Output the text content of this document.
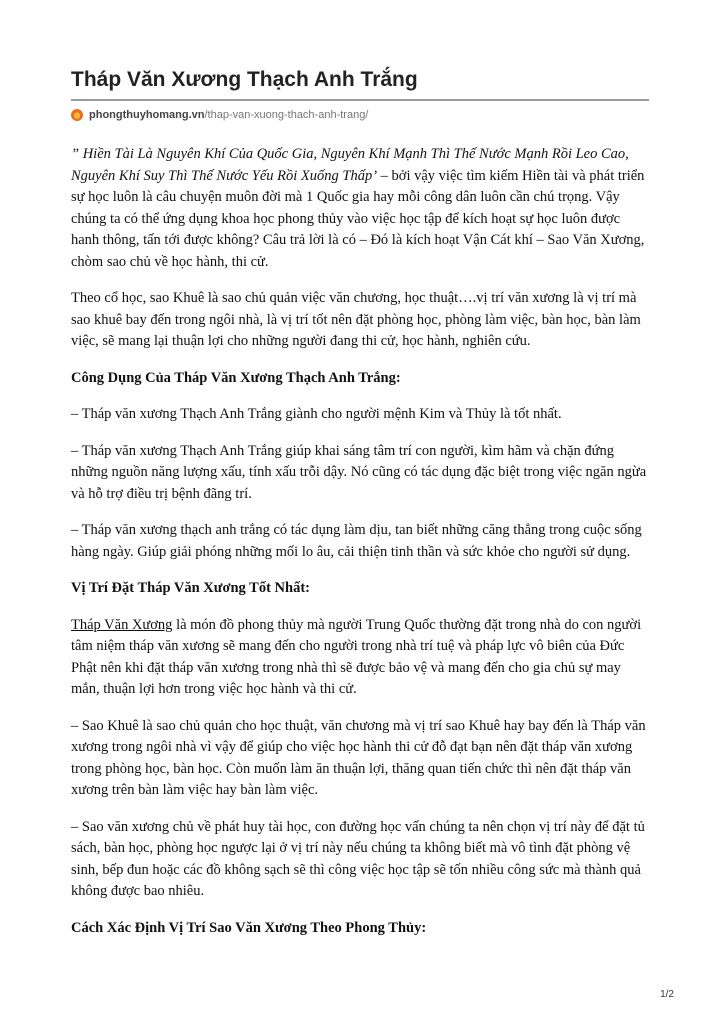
Tháp Văn Xương Thạch Anh Trắng
phongthuyhomang.vn /thap-van-xuong-thach-anh-trang/

” Hiền Tài Là Nguyên Khí Của Quốc Gia, Nguyên Khí Mạnh Thì Thế Nước Mạnh Rồi Leo Cao, Nguyên Khí Suy Thì Thế Nước Yếu Rồi Xuống Thấp’ – bởi vậy việc tìm kiếm Hiền tài và phát triển sự học luôn là câu chuyện muôn đời mà 1 Quốc gia hay mỗi công dân luôn cần chú trọng. Vậy chúng ta có thể ứng dụng khoa học phong thủy vào việc học tập để kích hoạt sự học luôn được hanh thông, tấn tới được không? Câu trả lời là có – Đó là kích hoạt Vận Cát khí – Sao Văn Xương, chòm sao chủ về học hành, thi cử.

Theo cổ học, sao Khuê là sao chủ quản việc văn chương, học thuật….vị trí văn xương là vị trí mà sao khuê bay đến trong ngôi nhà, là vị trí tốt nên đặt phòng học, phòng làm việc, bàn học, bàn làm việc, sẽ mang lại thuận lợi cho những người đang thi cử, học hành, nghiên cứu.

Công Dụng Của Tháp Văn Xương Thạch Anh Trắng:

– Tháp văn xương Thạch Anh Trắng giành cho người mệnh Kim và Thủy là tốt nhất.

– Tháp văn xương Thạch Anh Trắng giúp khai sáng tâm trí con người, kìm hãm và chặn đứng những nguồn năng lượng xấu, tính xấu trỗi dậy. Nó cũng có tác dụng đặc biệt trong việc ngăn ngừa và hỗ trợ điều trị bệnh đãng trí.

– Tháp văn xương thạch anh trắng có tác dụng làm dịu, tan biết những căng thẳng trong cuộc sống hàng ngày. Giúp giải phóng những mối lo âu, cải thiện tinh thần và sức khỏe cho người sử dụng.

Vị Trí Đặt Tháp Văn Xương Tốt Nhất:

Tháp Văn Xương là món đồ phong thủy mà người Trung Quốc thường đặt trong nhà do con người tâm niệm tháp văn xương sẽ mang đến cho người trong nhà trí tuệ và pháp lực vô biên của Đức Phật nên khi đặt tháp văn xương trong nhà thì sẽ được bảo vệ và mang đến cho gia chủ sự may mắn, thuận lợi hơn trong việc học hành và thi cử.

– Sao Khuê là sao chủ quản cho học thuật, văn chương mà vị trí sao Khuê hay bay đến là Tháp văn xương trong ngôi nhà vì vậy để giúp cho việc học hành thi cử đỗ đạt bạn nên đặt tháp văn xương trong phòng học, bàn học. Còn muốn làm ăn thuận lợi, thăng quan tiến chức thì nên đặt tháp văn xương trên bàn làm việc hay bàn làm việc.

– Sao văn xương chủ về phát huy tài học, con đường học vấn chúng ta nên chọn vị trí này để đặt tủ sách, bàn học, phòng học ngược lại ở vị trí này nếu chúng ta không biết mà vô tình đặt phòng vệ sinh, bếp đun hoặc các đồ không sạch sẽ thì công việc học tập sẽ tốn nhiều công sức mà thành quả không được bao nhiêu.

Cách Xác Định Vị Trí Sao Văn Xương Theo Phong Thủy:

1/2
